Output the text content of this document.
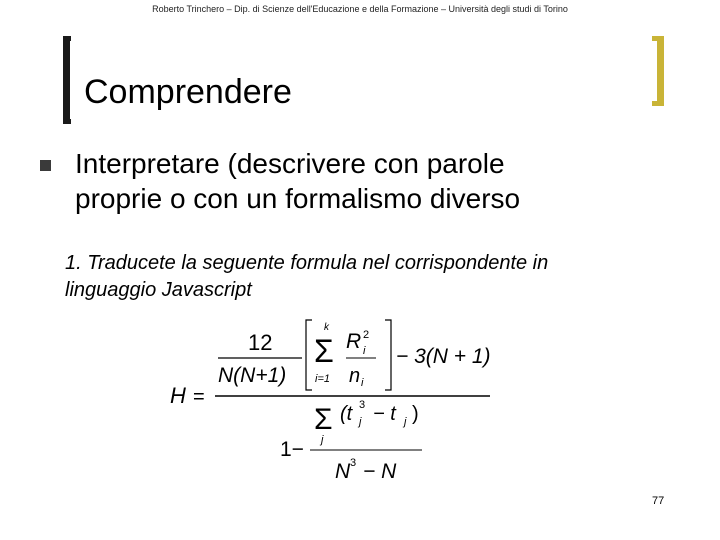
Roberto Trinchero – Dip. di Scienze dell'Educazione e della Formazione – Università degli studi di Torino
Comprendere
Interpretare (descrivere con parole
proprie o con un formalismo diverso
1. Traducete la seguente formula nel corrispondente in
linguaggio Javascript
H =
12
N(N+1)
k
Σ
i=1
R 2
i
n i
− 3(N + 1)
1−
Σ
j
(t j
3 − t j )
N 3 − N
77
